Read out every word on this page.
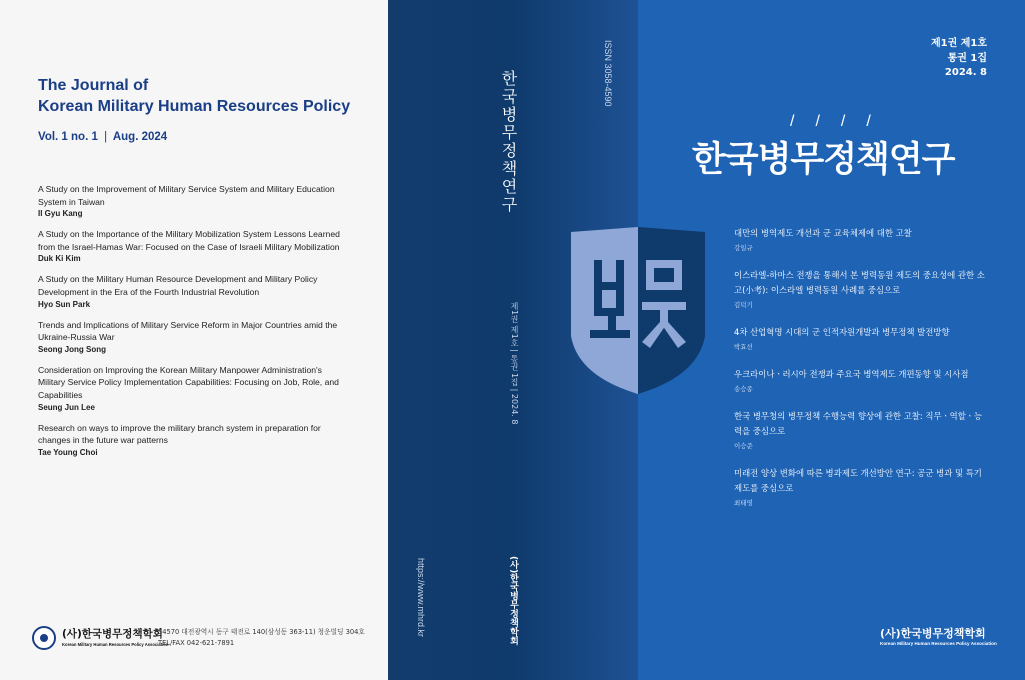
The Journal of
Korean Military Human Resources Policy
Vol. 1 no. 1 | Aug. 2024
A Study on the Improvement of Military Service System and Military Education System in Taiwan
Il Gyu Kang
A Study on the Importance of the Military Mobilization System Lessons Learned from the Israel-Hamas War: Focused on the Case of Israeli Military Mobilization
Duk Ki Kim
A Study on the Military Human Resource Development and Military Policy Development in the Era of the Fourth Industrial Revolution
Hyo Sun Park
Trends and Implications of Military Service Reform in Major Countries amid the Ukraine-Russia War
Seong Jong Song
Consideration on Improving the Korean Military Manpower Administration's Military Service Policy Implementation Capabilities: Focusing on Job, Role, and Capabilities
Seung Jun Lee
Research on ways to improve the military branch system in preparation for changes in the future war patterns
Tae Young Choi
(사)한국병무정책학회
Korean Military Human Resources Policy Association
34570 대전광역시 동구 태전로 140(삼성동 363-11) 청운빌딩 304호
TEL/FAX 042-621-7891
한국병무정책연구	ISSN 3058-4590
제1권 제1호 | 통권 1집 | 2024. 8
https://www.mhrd.kr	(사)한국병무정책학회
제1권 제1호
통권 1집
2024. 8
////
한국병무정책연구
대만의 병역제도 개선과 군 교육체제에 대한 고찰
강일규
이스라엘-하마스 전쟁을 통해서 본 병력동원 제도의 중요성에 관한 소고(小考): 이스라엘 병력동원 사례를 중심으로
김덕기
4차 산업혁명 시대의 군 인적자원개발과 병무정책 발전방향
박효선
우크라이나ㆍ러시아 전쟁과 주요국 병역제도 개편동향 및 시사점
송승종
한국 병무청의 병무정책 수행능력 향상에 관한 고찰: 직무ㆍ역할ㆍ능력을 중심으로
이승준
미래전 양상 변화에 따른 병과제도 개선방안 연구: 공군 병과 및 특기제도를 중심으로
최태영
(사)한국병무정책학회
Korean Military Human Resources Policy Association
